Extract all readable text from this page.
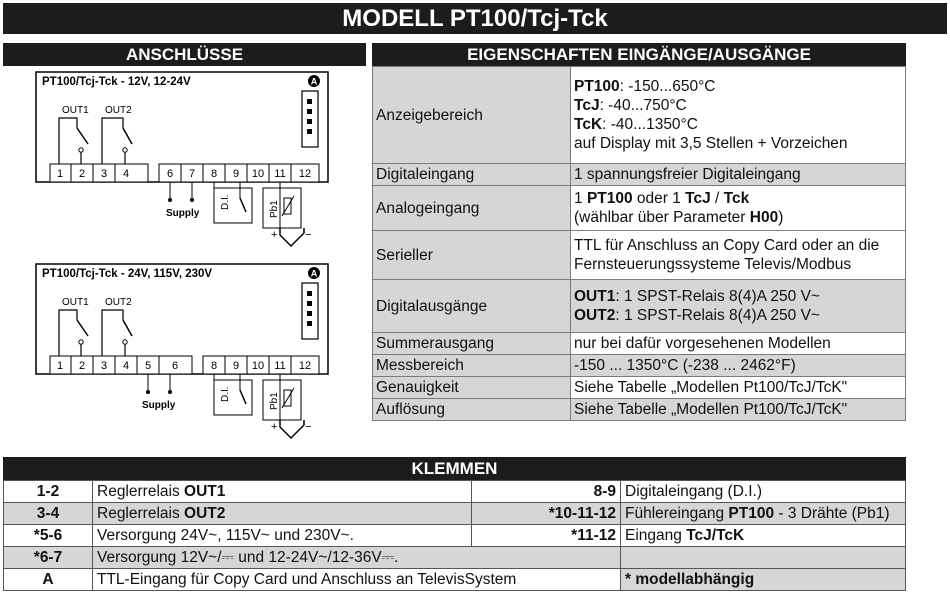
MODELL PT100/Tcj-Tck
ANSCHLÜSSE	EIGENSCHAFTEN EINGÄNGE/AUSGÄNGE
PT100/Tcj-Tck - 12V, 12-24V	A
OUT1 OUT2
1 2 3 4	6 7 8 9 10 11 12
Supply
D.I.	Pb1
+	−
PT100/Tcj-Tck - 24V, 115V, 230V	A
OUT1 OUT2
1 2 3 4 5 6	8 9 10 11 12
Supply
D.I.	Pb1
+	−
Anzeigebereich	PT100: -150...650°C
TcJ: -40...750°C
TcK: -40...1350°C
auf Display mit 3,5 Stellen + Vorzeichen

Digitaleingang	1 spannungsfreier Digitaleingang
Analogeingang	1 PT100 oder 1 TcJ / Tck
(wählbar über Parameter H00)

Serieller	TTL für Anschluss an Copy Card oder an die
Fernsteuerungssysteme Televis/Modbus

Digitalausgänge	OUT1: 1 SPST-Relais 8(4)A 250 V~
OUT2: 1 SPST-Relais 8(4)A 250 V~

Summerausgang	nur bei dafür vorgesehenen Modellen
Messbereich	-150 ... 1350°C (-238 ... 2462°F)
Genauigkeit	Siehe Tabelle „Modellen Pt100/TcJ/TcK"
Auflösung	Siehe Tabelle „Modellen Pt100/TcJ/TcK"
KLEMMEN
1-2	Reglerrelais OUT1	8-9	Digitaleingang (D.I.)
3-4	Reglerrelais OUT2	*10-11-12	Fühlereingang PT100 - 3 Drähte (Pb1)
*5-6	Versorgung 24V~, 115V~ und 230V~.	*11-12	Eingang TcJ/TcK
*6-7	Versorgung 12V~/⎓ und 12-24V~/12-36V⎓.		
A	TTL-Eingang für Copy Card und Anschluss an TelevisSystem		* modellabhängig
